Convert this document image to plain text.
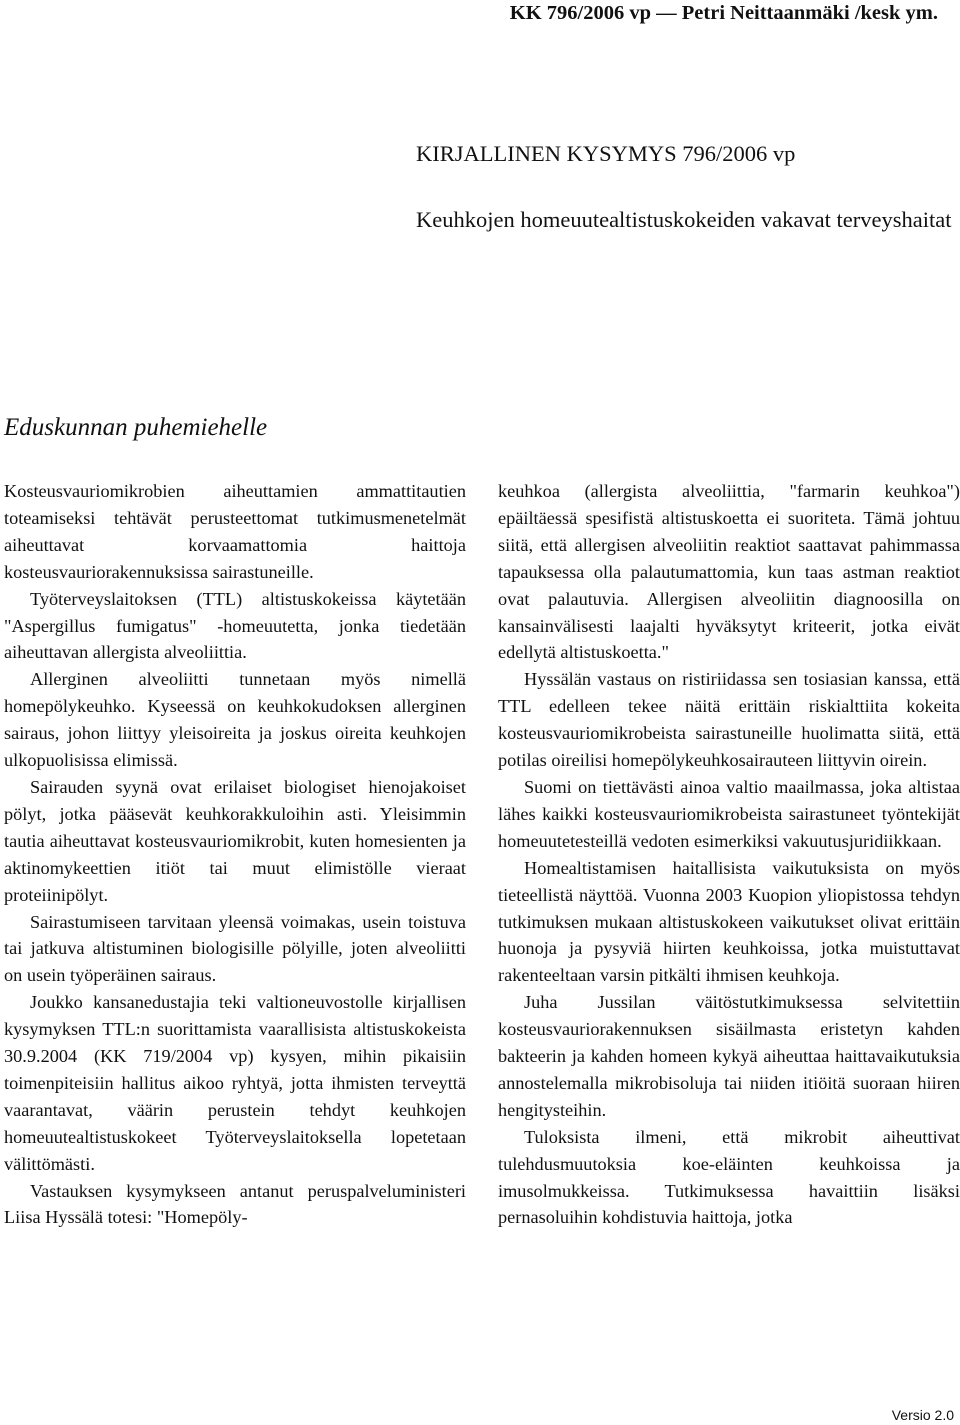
KK 796/2006 vp — Petri Neittaanmäki /kesk ym.
KIRJALLINEN KYSYMYS 796/2006 vp
Keuhkojen homeuutealtistuskokeiden vakavat terveyshaitat
Eduskunnan puhemiehelle

Kosteusvauriomikrobien aiheuttamien ammattitautien toteamiseksi tehtävät perusteettomat tutkimusmenetelmät aiheuttavat korvaamattomia haittoja kosteusvauriorakennuksissa sairastuneille.

Työterveyslaitoksen (TTL) altistuskokeissa käytetään "Aspergillus fumigatus" -homeuutetta, jonka tiedetään aiheuttavan allergista alveoliittia.

Allerginen alveoliitti tunnetaan myös nimellä homepölykeuhko. Kyseessä on keuhkokudoksen allerginen sairaus, johon liittyy yleisoireita ja joskus oireita keuhkojen ulkopuolisissa elimissä.

Sairauden syynä ovat erilaiset biologiset hienojakoiset pölyt, jotka pääsevät keuhkorakkuloihin asti. Yleisimmin tautia aiheuttavat kosteusvauriomikrobit, kuten homesienten ja aktinomykeettien itiöt tai muut elimistölle vieraat proteiinipölyt.

Sairastumiseen tarvitaan yleensä voimakas, usein toistuva tai jatkuva altistuminen biologisille pölyille, joten alveoliitti on usein työperäinen sairaus.

Joukko kansanedustajia teki valtioneuvostolle kirjallisen kysymyksen TTL:n suorittamista vaarallisista altistuskokeista 30.9.2004 (KK 719/2004 vp) kysyen, mihin pikaisiin toimenpiteisiin hallitus aikoo ryhtyä, jotta ihmisten terveyttä vaarantavat, väärin perustein tehdyt keuhkojen homeuutealtistuskokeet Työterveyslaitoksella lopetetaan välittömästi.

Vastauksen kysymykseen antanut peruspalveluministeri Liisa Hyssälä totesi: "Homepöly-

keuhkoa (allergista alveoliittia, "farmarin keuhkoa") epäiltäessä spesifistä altistuskoetta ei suoriteta. Tämä johtuu siitä, että allergisen alveoliitin reaktiot saattavat pahimmassa tapauksessa olla palautumattomia, kun taas astman reaktiot ovat palautuvia. Allergisen alveoliitin diagnoosilla on kansainvälisesti laajalti hyväksytyt kriteerit, jotka eivät edellytä altistuskoetta."

Hyssälän vastaus on ristiriidassa sen tosiasian kanssa, että TTL edelleen tekee näitä erittäin riskialttiita kokeita kosteusvauriomikrobeista sairastuneille huolimatta siitä, että potilas oireilisi homepölykeuhkosairauteen liittyvin oirein.

Suomi on tiettävästi ainoa valtio maailmassa, joka altistaa lähes kaikki kosteusvauriomikrobeista sairastuneet työntekijät homeuutetesteillä vedoten esimerkiksi vakuutusjuridiikkaan.

Homealtistamisen haitallisista vaikutuksista on myös tieteellistä näyttöä. Vuonna 2003 Kuopion yliopistossa tehdyn tutkimuksen mukaan altistuskokeen vaikutukset olivat erittäin huonoja ja pysyviä hiirten keuhkoissa, jotka muistuttavat rakenteeltaan varsin pitkälti ihmisen keuhkoja.

Juha Jussilan väitöstutkimuksessa selvitettiin kosteusvauriorakennuksen sisäilmasta eristetyn kahden bakteerin ja kahden homeen kykyä aiheuttaa haittavaikutuksia annostelemalla mikrobisoluja tai niiden itiöitä suoraan hiiren hengitysteihin.

Tuloksista ilmeni, että mikrobit aiheuttivat tulehdusmuutoksia koe-eläinten keuhkoissa ja imusolmukkeissa. Tutkimuksessa havaittiin lisäksi pernasoluihin kohdistuvia haittoja, jotka

Versio 2.0
